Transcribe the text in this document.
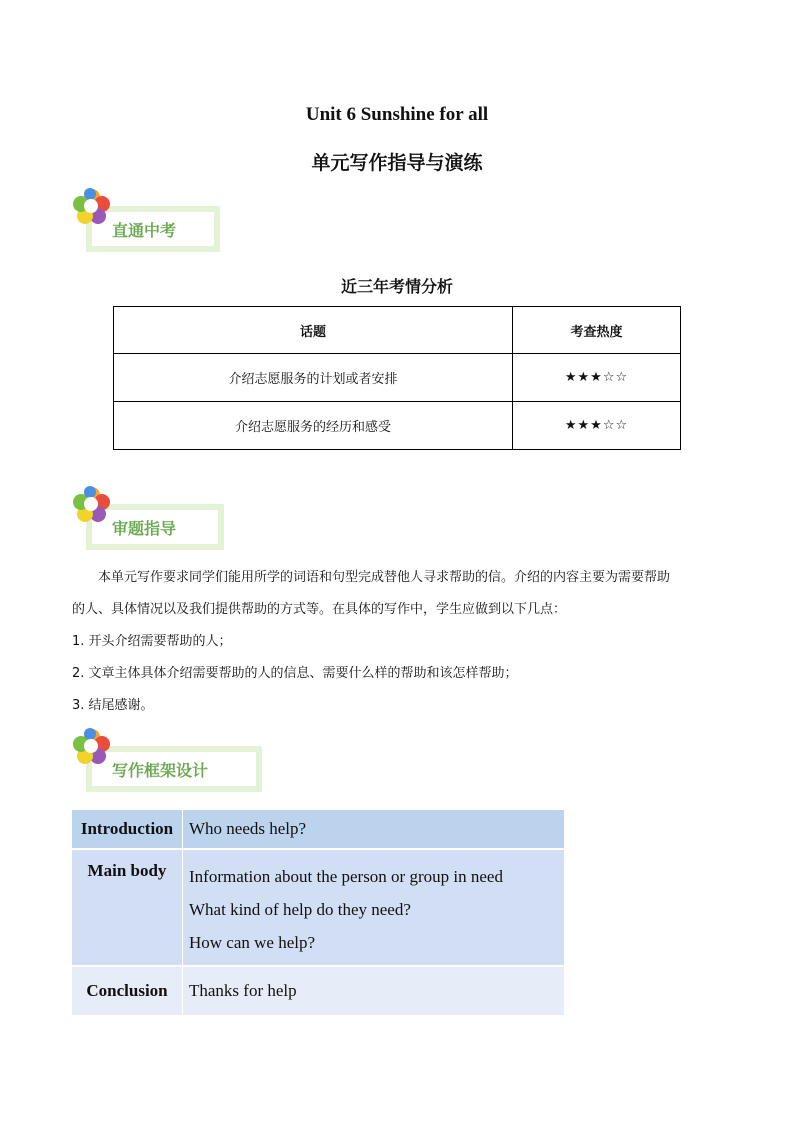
Unit 6 Sunshine for all
单元写作指导与演练
直通中考
近三年考情分析
话题	考查热度
介绍志愿服务的计划或者安排	★★★☆☆
介绍志愿服务的经历和感受	★★★☆☆
审题指导
本单元写作要求同学们能用所学的词语和句型完成替他人寻求帮助的信。介绍的内容主要为需要帮助
的人、具体情况以及我们提供帮助的方式等。在具体的写作中，学生应做到以下几点：
1. 开头介绍需要帮助的人；
2. 文章主体具体介绍需要帮助的人的信息、需要什么样的帮助和该怎样帮助；
3. 结尾感谢。
写作框架设计
Introduction	Who needs help?
Main body	Information about the person or group in need
What kind of help do they need?
How can we help?

Conclusion	Thanks for help
